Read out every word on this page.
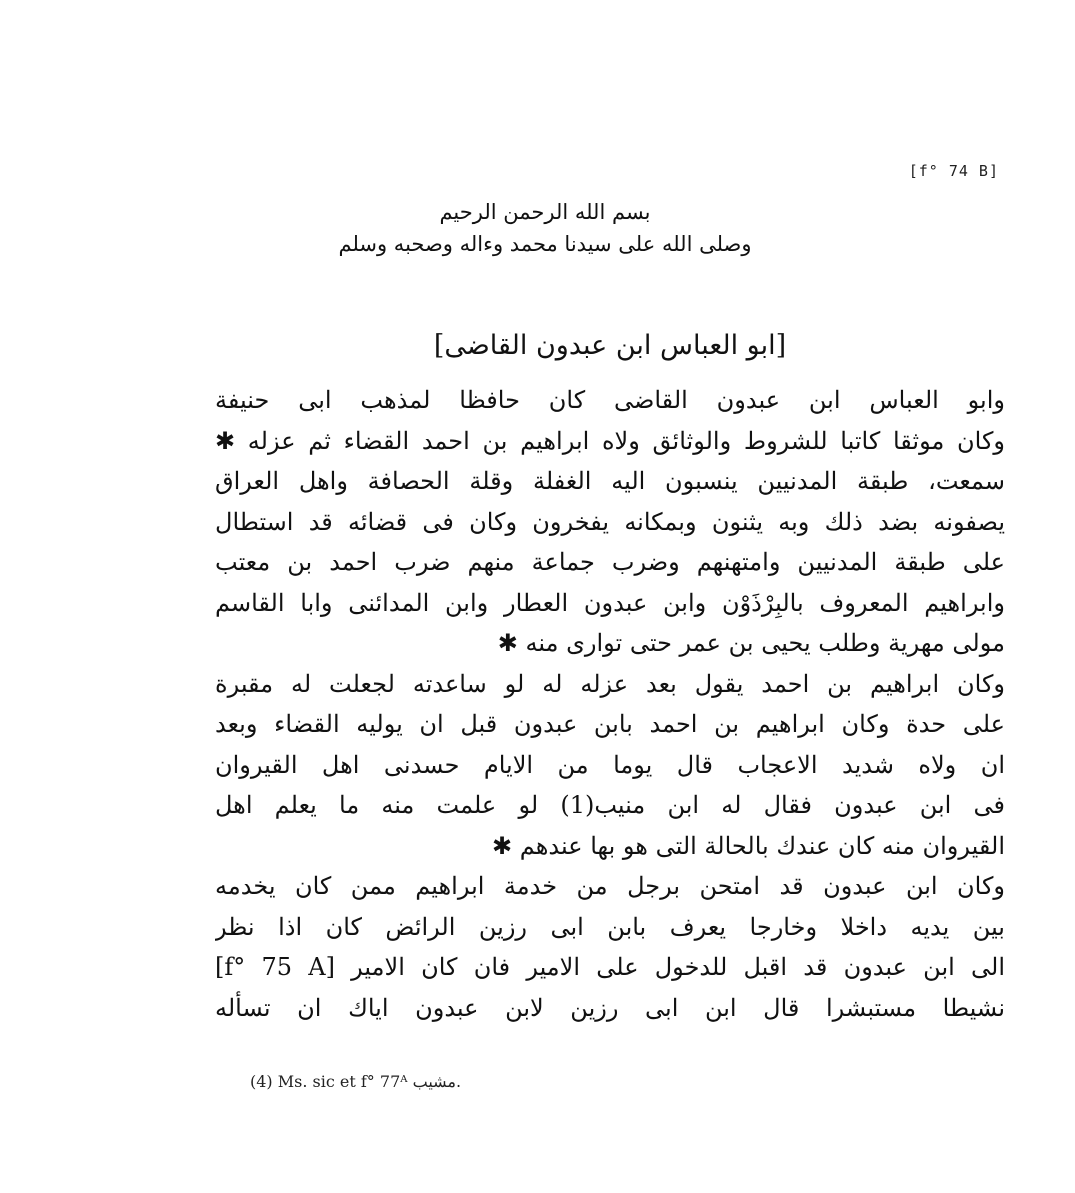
[f° 74 B]
بسم الله الرحمن الرحيم
وصلى الله على سيدنا محمد وءاله وصحبه وسلم
[ابو العباس ابن عبدون القاضى]
وابو العباس ابن عبدون القاضى كان حافظا لمذهب ابى حنيفة
وكان موثقا كاتبا للشروط والوثائق ولاه ابراهيم بن احمد القضاء ثم عزله ✱
سمعت، طبقة المدنيين ينسبون اليه الغفلة وقلة الحصافة واهل العراق
يصفونه بضد ذلك وبه يثنون وبمكانه يفخرون وكان فى قضائه قد استطال
على طبقة المدنيين وامتهنهم وضرب جماعة منهم ضرب احمد بن معتب
وابراهيم المعروف بالبِرْذَوْن وابن عبدون العطار وابن المدائنى وابا القاسم
مولى مهرية وطلب يحيى بن عمر حتى توارى منه ✱
وكان ابراهيم بن احمد يقول بعد عزله له لو ساعدته لجعلت له مقبرة
على حدة وكان ابراهيم بن احمد بابن عبدون قبل ان يوليه القضاء وبعد
ان ولاه شديد الاعجاب قال يوما من الايام حسدنى اهل القيروان
فى ابن عبدون فقال له ابن منيب(1) لو علمت منه ما يعلم اهل
القيروان منه كان عندك بالحالة التى هو بها عندهم ✱
وكان ابن عبدون قد امتحن برجل من خدمة ابراهيم ممن كان يخدمه
بين يديه داخلا وخارجا يعرف بابن ابى رزين الرائض كان اذا نظر
الى ابن عبدون قد اقبل للدخول على الامير فان كان الامير [f° 75 A]
نشيطا مستبشرا قال ابن ابى رزين لابن عبدون اياك ان تسأله
(4) Ms. sic et f° 77ᴬ مشيب.
